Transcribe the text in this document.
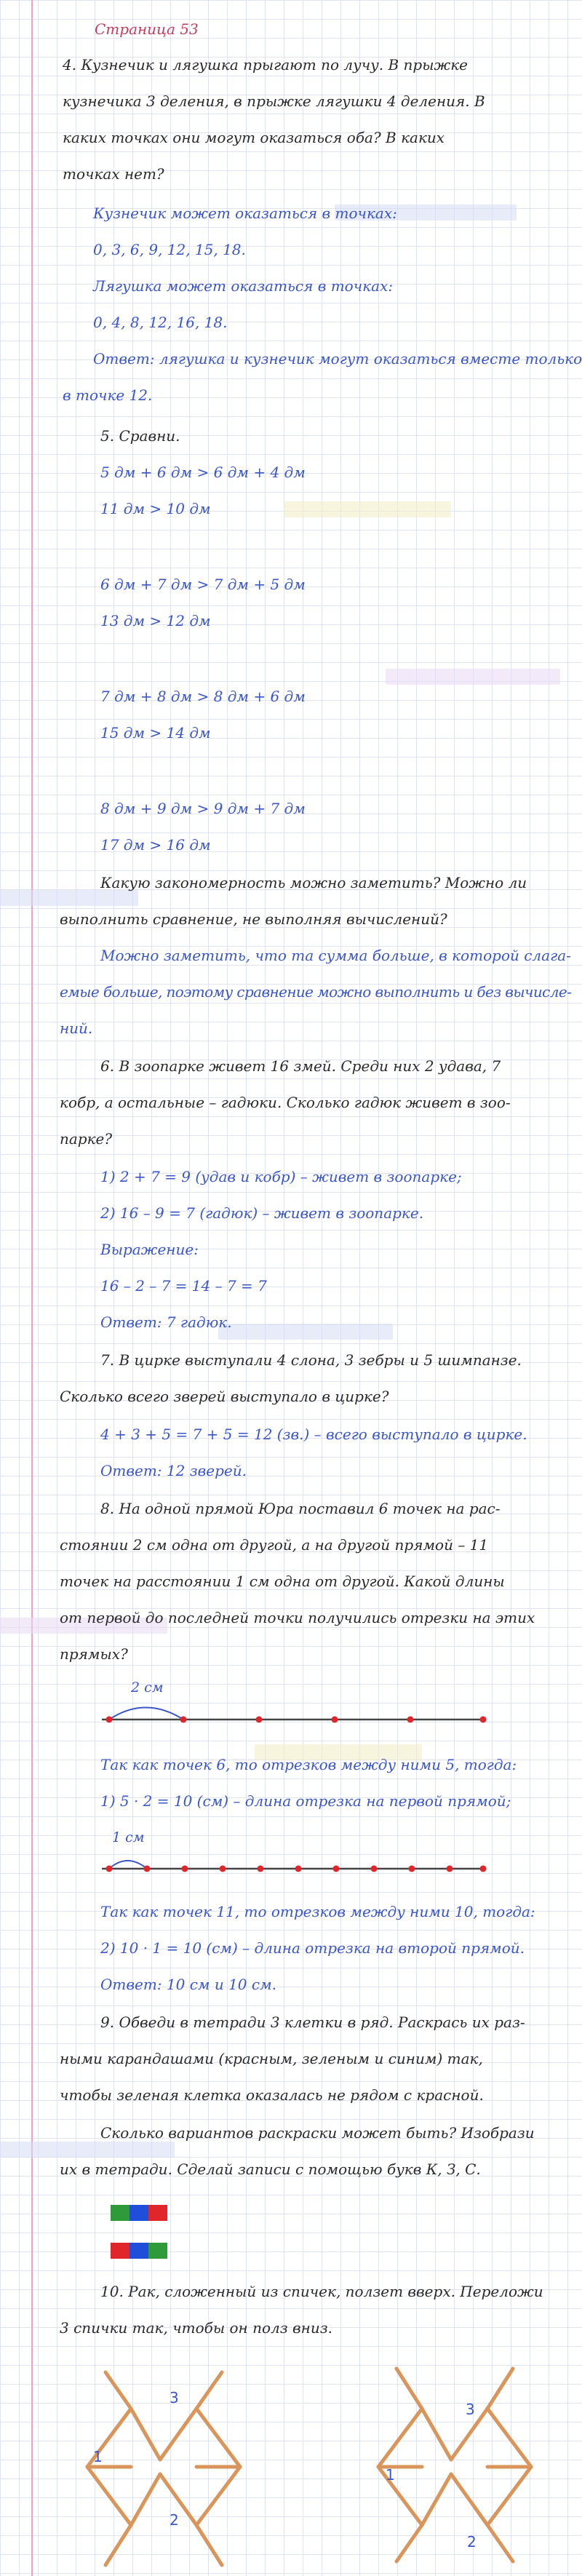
Страница 53
4. Кузнечик и лягушка прыгают по лучу. В прыжке
кузнечика 3 деления, в прыжке лягушки 4 деления. В
каких точках они могут оказаться оба? В каких
точках нет?
Кузнечик может оказаться в точках:
0, 3, 6, 9, 12, 15, 18.
Лягушка может оказаться в точках:
0, 4, 8, 12, 16, 18.
Ответ: лягушка и кузнечик могут оказаться вместе только
в точке 12.
5. Сравни.
5 дм + 6 дм > 6 дм + 4 дм
11 дм > 10 дм
6 дм + 7 дм > 7 дм + 5 дм
13 дм > 12 дм
7 дм + 8 дм > 8 дм + 6 дм
15 дм > 14 дм
8 дм + 9 дм > 9 дм + 7 дм
17 дм > 16 дм
Какую закономерность можно заметить? Можно ли
выполнить сравнение, не выполняя вычислений?
Можно заметить, что та сумма больше, в которой слага-
емые больше, поэтому сравнение можно выполнить и без вычисле-
ний.
6. В зоопарке живет 16 змей. Среди них 2 удава, 7
кобр, а остальные – гадюки. Сколько гадюк живет в зоо-
парке?
1) 2 + 7 = 9 (удав и кобр) – живет в зоопарке;
2) 16 – 9 = 7 (гадюк) – живет в зоопарке.
Выражение:
16 – 2 – 7 = 14 – 7 = 7
Ответ: 7 гадюк.
7. В цирке выступали 4 слона, 3 зебры и 5 шимпанзе.
Сколько всего зверей выступало в цирке?
4 + 3 + 5 = 7 + 5 = 12 (зв.) – всего выступало в цирке.
Ответ: 12 зверей.
8. На одной прямой Юра поставил 6 точек на рас-
стоянии 2 см одна от другой, а на другой прямой – 11
точек на расстоянии 1 см одна от другой. Какой длины
от первой до последней точки получились отрезки на этих
прямых?
2 см
Так как точек 6, то отрезков между ними 5, тогда:
1) 5 · 2 = 10 (см) – длина отрезка на первой прямой;
1 см
Так как точек 11, то отрезков между ними 10, тогда:
2) 10 · 1 = 10 (см) – длина отрезка на второй прямой.
Ответ: 10 см и 10 см.
9. Обведи в тетради 3 клетки в ряд. Раскрась их раз-
ными карандашами (красным, зеленым и синим) так,
чтобы зеленая клетка оказалась не рядом с красной.
Сколько вариантов раскраски может быть? Изобрази
их в тетради. Сделай записи с помощью букв К, З, С.
10. Рак, сложенный из спичек, ползет вверх. Переложи
3 спички так, чтобы он полз вниз.
3
1
2
3
1
2
